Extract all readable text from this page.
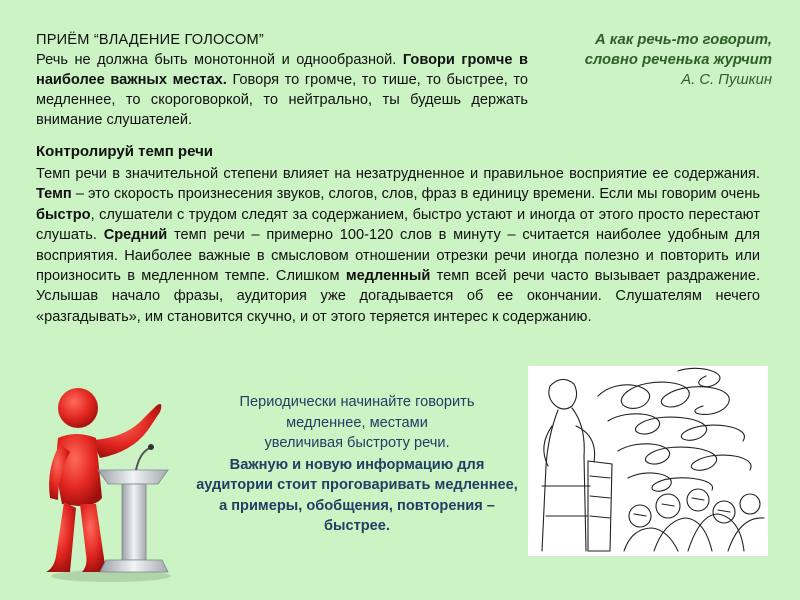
ПРИЁМ “ВЛАДЕНИЕ ГОЛОСОМ”
Речь не должна быть монотонной и однообразной. Говори громче в наиболее важных местах. Говоря то громче, то тише, то быстрее, то медленнее, то скороговоркой, то нейтрально, ты будешь держать внимание слушателей.
А как речь-то говорит, словно реченька журчит
А. С. Пушкин
Контролируй темп речи

Темп речи в значительной степени влияет на незатрудненное и правильное восприятие ее содержания. Темп – это скорость произнесения звуков, слогов, слов, фраз в единицу времени. Если мы говорим очень быстро, слушатели с трудом следят за содержанием, быстро устают и иногда от этого просто перестают слушать. Средний темп речи – примерно 100-120 слов в минуту – считается наиболее удобным для восприятия. Наиболее важные в смысловом отношении отрезки речи иногда полезно и повторить или произносить в медленном темпе. Слишком медленный темп всей речи часто вызывает раздражение. Услышав начало фразы, аудитория уже догадывается об ее окончании. Слушателям нечего «разгадывать», им становится скучно, и от этого теряется интерес к содержанию.

Периодически начинайте говорить
медленнее, местами
увеличивая быстроту речи.
Важную и новую информацию для аудитории стоит проговаривать медленнее, а примеры, обобщения, повторения – быстрее.
